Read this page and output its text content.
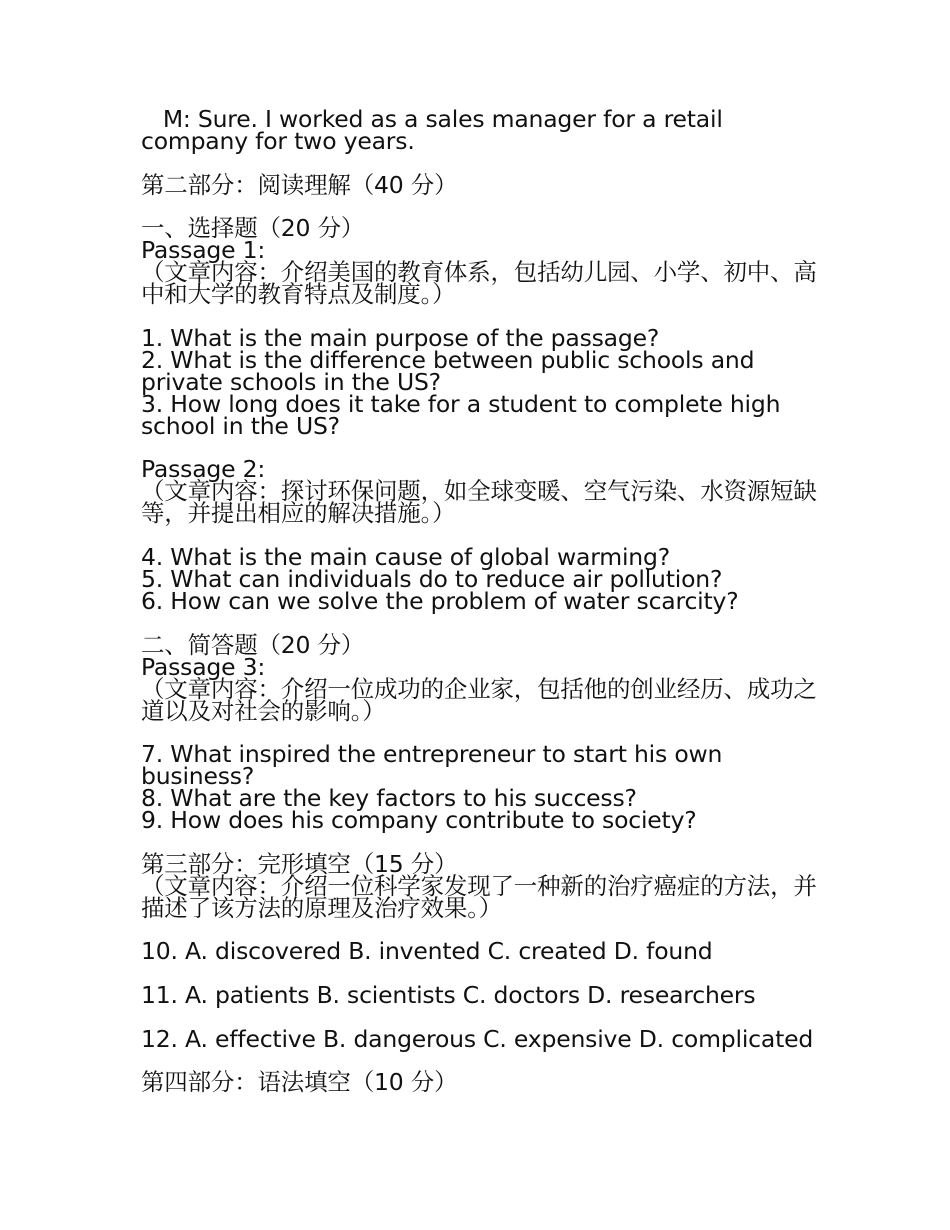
M: Sure. I worked as a sales manager for a retail company for two years.

第二部分：阅读理解（40 分）

一、选择题（20 分）

Passage 1:

（文章内容：介绍美国的教育体系，包括幼儿园、小学、初中、高中和大学的教育特点及制度。）

1. What is the main purpose of the passage?

2. What is the difference between public schools and private schools in the US?

3. How long does it take for a student to complete high school in the US?

Passage 2:

（文章内容：探讨环保问题，如全球变暖、空气污染、水资源短缺等，并提出相应的解决措施。）

4. What is the main cause of global warming?

5. What can individuals do to reduce air pollution?

6. How can we solve the problem of water scarcity?

二、简答题（20 分）

Passage 3:

（文章内容：介绍一位成功的企业家，包括他的创业经历、成功之道以及对社会的影响。）

7. What inspired the entrepreneur to start his own business?

8. What are the key factors to his success?

9. How does his company contribute to society?

第三部分：完形填空（15 分）

（文章内容：介绍一位科学家发现了一种新的治疗癌症的方法，并描述了该方法的原理及治疗效果。）

10. A. discovered B. invented C. created D. found

11. A. patients B. scientists C. doctors D. researchers

12. A. effective B. dangerous C. expensive D. complicated

第四部分：语法填空（10 分）
